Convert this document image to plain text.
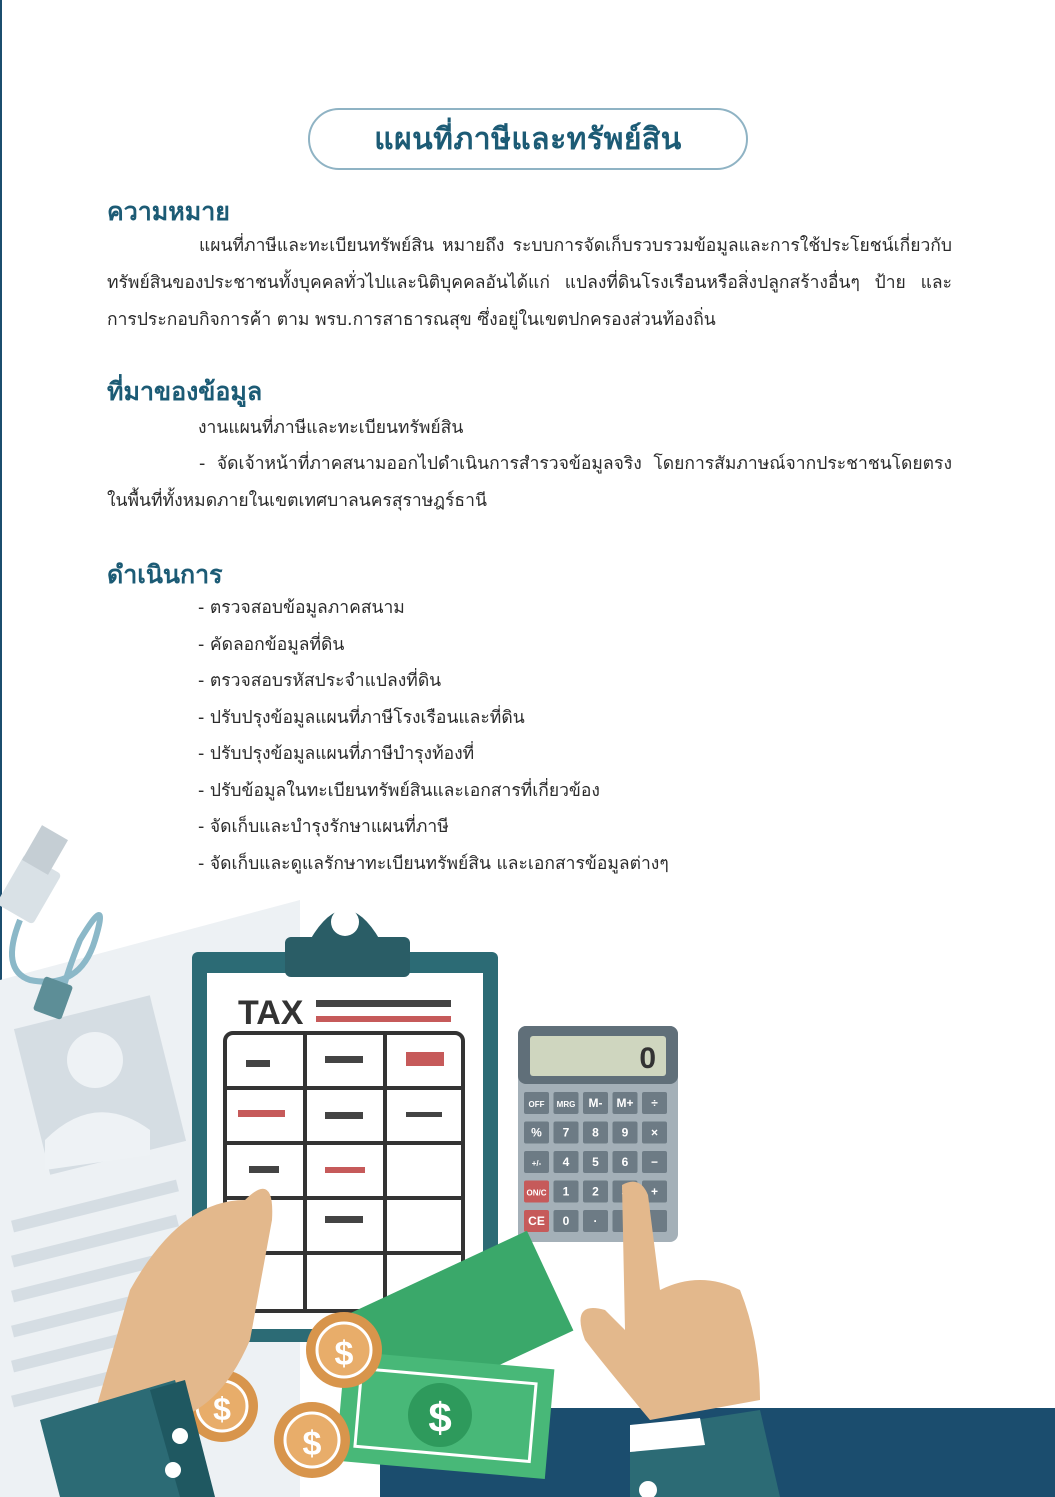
แผนที่ภาษีและทรัพย์สิน
ความหมาย

แผนที่ภาษีและทะเบียนทรัพย์สิน หมายถึง ระบบการจัดเก็บรวบรวมข้อมูลและการใช้ประโยชน์เกี่ยวกับทรัพย์สินของประชาชนทั้งบุคคลทั่วไปและนิติบุคคลอันได้แก่ แปลงที่ดินโรงเรือนหรือสิ่งปลูกสร้างอื่นๆ ป้าย และการประกอบกิจการค้า ตาม พรบ.การสาธารณสุข ซึ่งอยู่ในเขตปกครองส่วนท้องถิ่น

ที่มาของข้อมูล
งานแผนที่ภาษีและทะเบียนทรัพย์สิน

- จัดเจ้าหน้าที่ภาคสนามออกไปดำเนินการสำรวจข้อมูลจริง โดยการสัมภาษณ์จากประชาชนโดยตรง ในพื้นที่ทั้งหมดภายในเขตเทศบาลนครสุราษฎร์ธานี

ดำเนินการ
- ตรวจสอบข้อมูลภาคสนาม
- คัดลอกข้อมูลที่ดิน
- ตรวจสอบรหัสประจำแปลงที่ดิน
- ปรับปรุงข้อมูลแผนที่ภาษีโรงเรือนและที่ดิน
- ปรับปรุงข้อมูลแผนที่ภาษีบำรุงท้องที่
- ปรับข้อมูลในทะเบียนทรัพย์สินและเอกสารที่เกี่ยวข้อง
- จัดเก็บและบำรุงรักษาแผนที่ภาษี
- จัดเก็บและดูแลรักษาทะเบียนทรัพย์สิน และเอกสารข้อมูลต่างๆ
TAX
0
OFF MRG M- M+ ÷
% 7 8 9 ×
+/- 4 5 6 −
ON/C 1 2	+
CE 0 ·
$
$
$
$
